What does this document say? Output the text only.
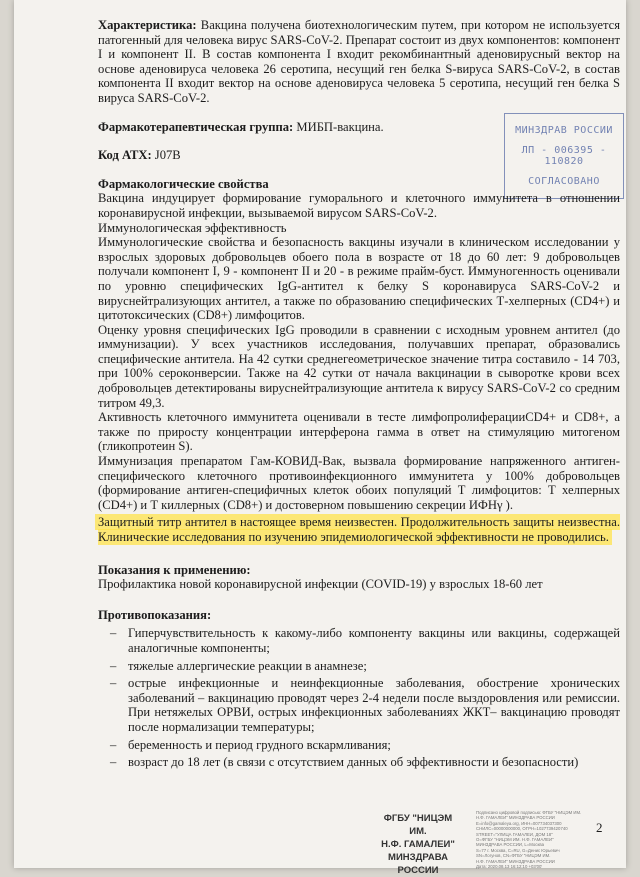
МИНЗДРАВ РОССИИ
ЛП - 006395 - 110820
СОГЛАСОВАНО

Характеристика: Вакцина получена биотехнологическим путем, при котором не используется патогенный для человека вирус SARS-CoV-2. Препарат состоит из двух компонентов: компонент I и компонент II. В состав компонента I входит рекомбинантный аденовирусный вектор на основе аденовируса человека 26 серотипа, несущий ген белка S-вируса SARS-CoV-2, в состав компонента II входит вектор на основе аденовируса человека 5 серотипа, несущий ген белка S вируса SARS-CoV-2.

Фармакотерапевтическая группа: МИБП-вакцина.

Код АТХ: J07B

Фармакологические свойства

Вакцина индуцирует формирование гуморального и клеточного иммунитета в отношении коронавирусной инфекции, вызываемой вирусом SARS-CoV-2.

Иммунологическая эффективность

Иммунологические свойства и безопасность вакцины изучали в клиническом исследовании у взрослых здоровых добровольцев обоего пола в возрасте от 18 до 60 лет: 9 добровольцев получали компонент I, 9 - компонент II и 20 - в режиме прайм-буст. Иммуногенность оценивали по уровню специфических IgG-антител к белку S коронавируса SARS-CoV-2 и вируснейтрализующих антител, а также по образованию специфических Т-хелперных (CD4+) и цитотоксических (CD8+) лимфоцитов.

Оценку уровня специфических IgG проводили в сравнении с исходным уровнем антител (до иммунизации). У всех участников исследования, получавших препарат, образовались специфические антитела. На 42 сутки среднегеометрическое значение титра составило - 14 703, при 100% сероконверсии. Также на 42 сутки от начала вакцинации в сыворотке крови всех добровольцев детектированы вируснейтрализующие антитела к вирусу SARS-CoV-2 со средним титром 49,3.

Активность клеточного иммунитета оценивали в тесте лимфопролиферацииCD4+ и CD8+, а также по приросту концентрации интерферона гамма в ответ на стимуляцию митогеном (гликопротеин S).

Иммунизация препаратом Гам-КОВИД-Вак, вызвала формирование напряженного антиген-специфического клеточного противоинфекционного иммунитета у 100% добровольцев (формирование антиген-специфичных клеток обоих популяций Т лимфоцитов: Т хелперных (CD4+) и Т киллерных (CD8+) и достоверном повышению секреции ИФНγ ).

Защитный титр антител в настоящее время неизвестен. Продолжительность защиты неизвестна. Клинические исследования по изучению эпидемиологической эффективности не проводились.

Показания к применению:

Профилактика новой коронавирусной инфекции (COVID-19) у взрослых 18-60 лет

Противопоказания:

– Гиперчувствительность к какому-либо компоненту вакцины или вакцины, содержащей аналогичные компоненты;
– тяжелые аллергические реакции в анамнезе;
– острые инфекционные и неинфекционные заболевания, обострение хронических заболеваний – вакцинацию проводят через 2-4 недели после выздоровления или ремиссии. При нетяжелых ОРВИ, острых инфекционных заболеваниях ЖКТ– вакцинацию проводят после нормализации температуры;
– беременность и период грудного вскармливания;
– возраст до 18 лет (в связи с отсутствием данных об эффективности и безопасности)
ФГБУ "НИЦЭМ ИМ.
Н.Ф. ГАМАЛЕИ"
МИНЗДРАВА РОССИИ
Подписано цифровой подписью: ФГБУ "НИЦЭМ ИМ.
Н.Ф. ГАМАЛЕИ" МИНЗДРАВА РОССИИ
E=info@gamaleya.org, ИНН=007734037300
СНИЛС=00000000000, ОГРН=1027739420740
STREET="УЛИЦА ГАМАЛЕИ, ДОМ 18"
O=ФГБУ "НИЦЭМ ИМ. Н.Ф. ГАМАЛЕИ"
МИНЗДРАВА РОССИИ, L=Москва
S=77 г. Москва, C=RU, G=Денис Юрьевич
SN=Логунов, CN=ФГБУ "НИЦЭМ ИМ.
Н.Ф. ГАМАЛЕИ" МИНЗДРАВА РОССИИ
Дата: 2020.08.13 16:12:10 +03'00'
2
